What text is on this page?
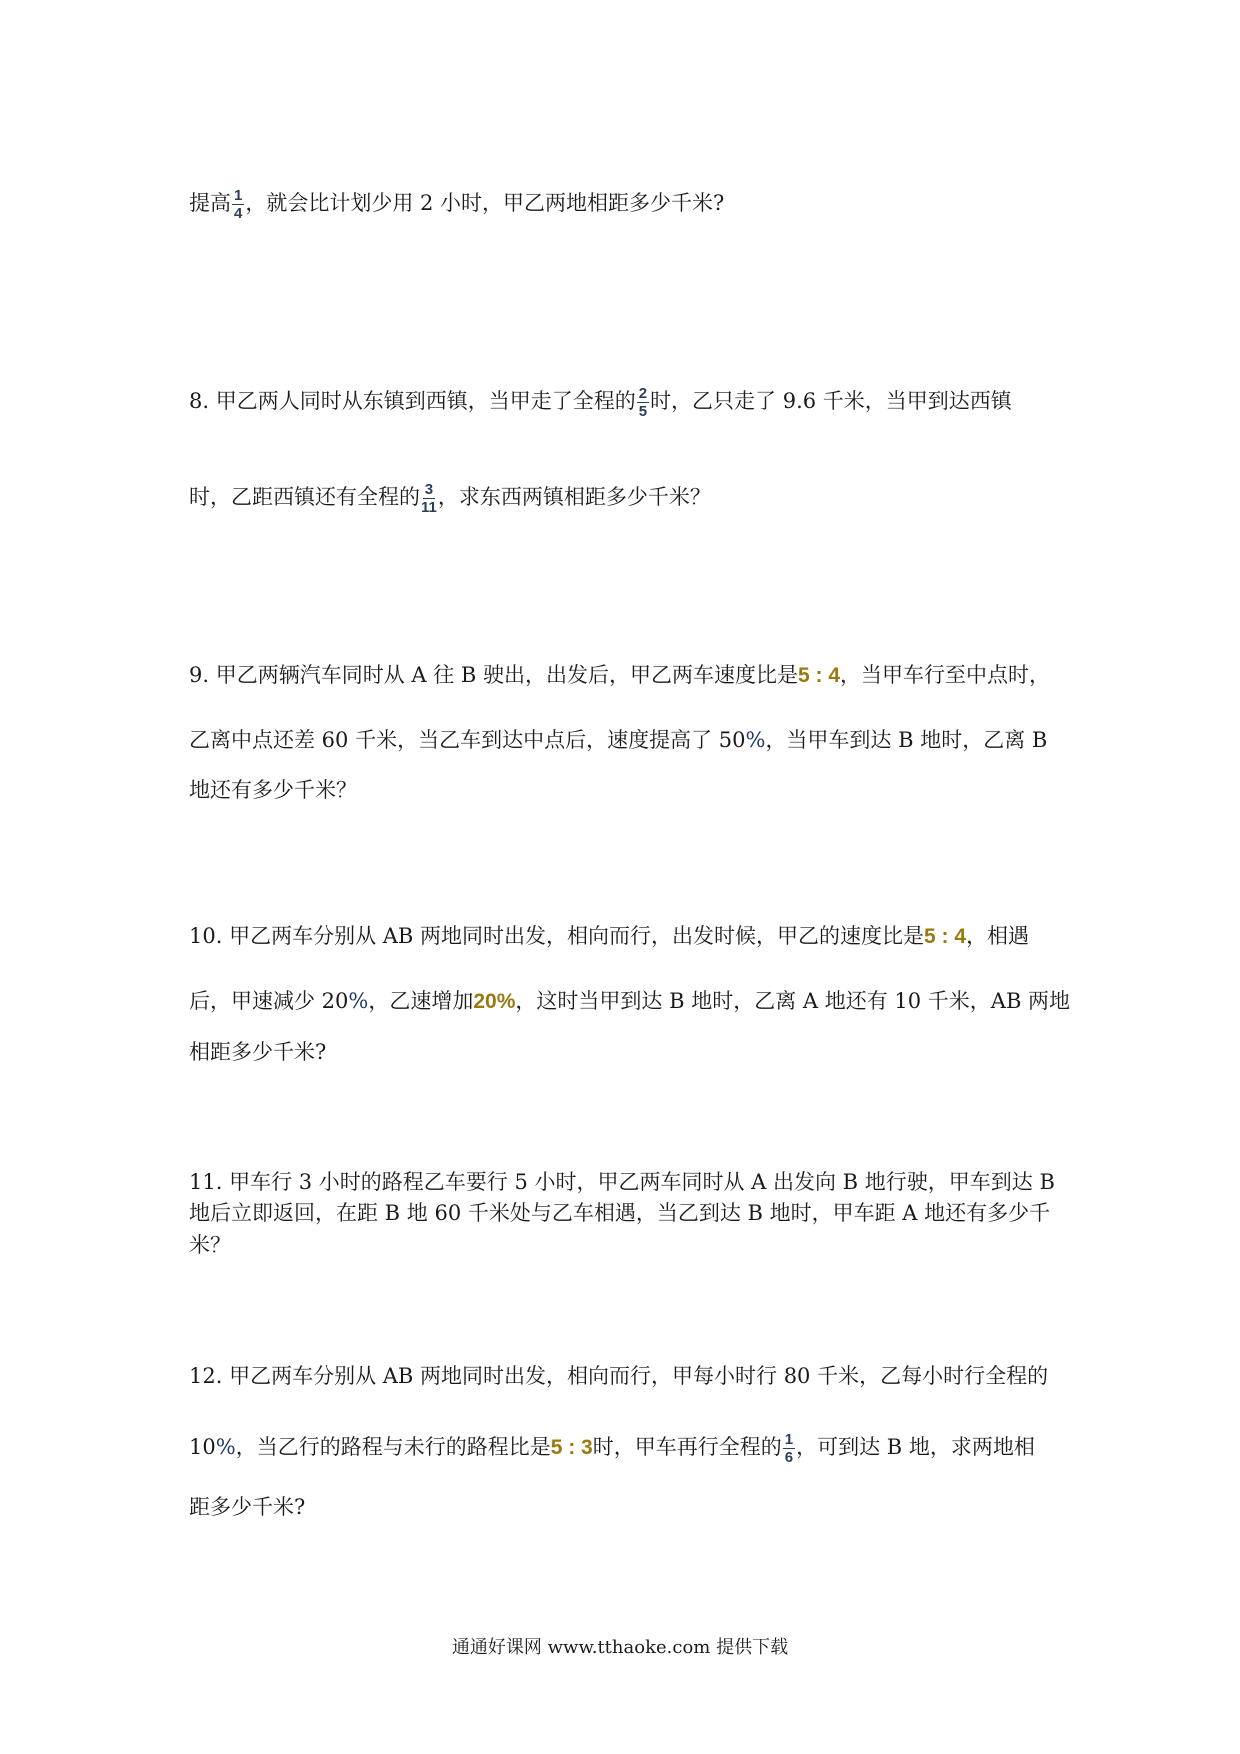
提高 $\frac{1}{4}$ ，就会比计划少用 2 小时，甲乙两地相距多少千米?
8. 甲乙两人同时从东镇到西镇，当甲走了全程的 $\frac{2}{5}$ 时，乙只走了 9.6 千米，当甲到达西镇
时，乙距西镇还有全程的 $\frac{3}{11}$ ，求东西两镇相距多少千米？
9. 甲乙两辆汽车同时从 A 往 B 驶出，出发后，甲乙两车速度比是5 : 4，当甲车行至中点时，
乙离中点还差 60 千米，当乙车到达中点后，速度提高了 50%，当甲车到达 B 地时，乙离 B
地还有多少千米？
10. 甲乙两车分别从 AB 两地同时出发，相向而行，出发时候，甲乙的速度比是5 : 4，相遇
后，甲速减少 20%，乙速增加20%，这时当甲到达 B 地时，乙离 A 地还有 10 千米，AB 两地
相距多少千米?
11. 甲车行 3 小时的路程乙车要行 5 小时，甲乙两车同时从 A 出发向 B 地行驶，甲车到达 B
地后立即返回，在距 B 地 60 千米处与乙车相遇，当乙到达 B 地时，甲车距 A 地还有多少千
米？
12. 甲乙两车分别从 AB 两地同时出发，相向而行，甲每小时行 80 千米，乙每小时行全程的
10%，当乙行的路程与未行的路程比是5 : 3时，甲车再行全程的 $\frac{1}{6}$ ，可到达 B 地，求两地相
距多少千米?
通通好课网 www.tthaoke.com 提供下载
